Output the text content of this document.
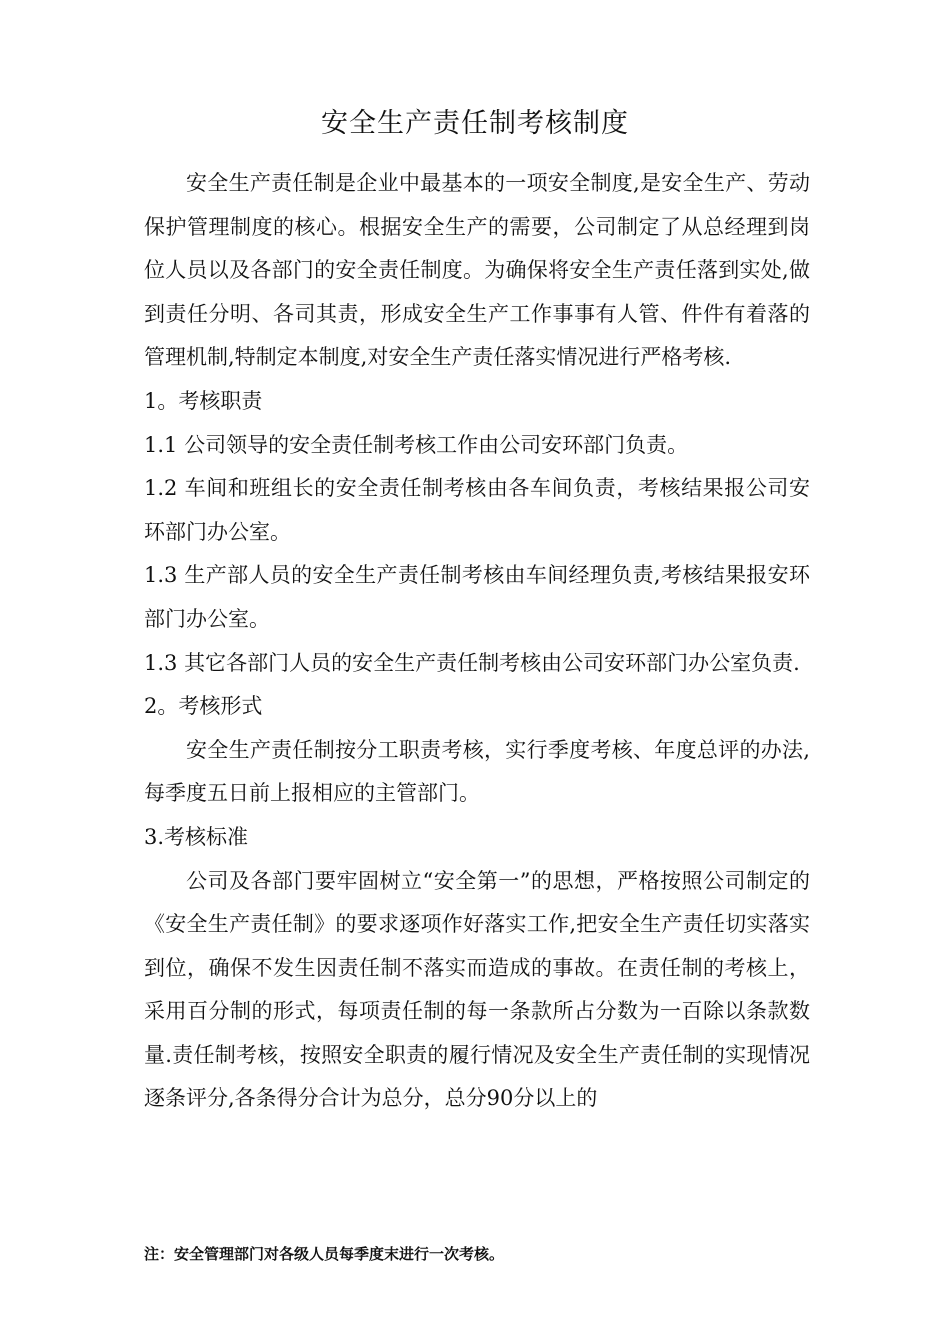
安全生产责任制考核制度

安全生产责任制是企业中最基本的一项安全制度,是安全生产、劳动保护管理制度的核心。根据安全生产的需要，公司制定了从总经理到岗位人员以及各部门的安全责任制度。为确保将安全生产责任落到实处,做到责任分明、各司其责，形成安全生产工作事事有人管、件件有着落的管理机制,特制定本制度,对安全生产责任落实情况进行严格考核.

1。考核职责

1.1 公司领导的安全责任制考核工作由公司安环部门负责。

1.2 车间和班组长的安全责任制考核由各车间负责，考核结果报公司安环部门办公室。

1.3 生产部人员的安全生产责任制考核由车间经理负责,考核结果报安环部门办公室。

1.3 其它各部门人员的安全生产责任制考核由公司安环部门办公室负责.

2。考核形式

安全生产责任制按分工职责考核，实行季度考核、年度总评的办法,每季度五日前上报相应的主管部门。

3.考核标准

公司及各部门要牢固树立“安全第一”的思想，严格按照公司制定的《安全生产责任制》的要求逐项作好落实工作,把安全生产责任切实落实到位，确保不发生因责任制不落实而造成的事故。在责任制的考核上，采用百分制的形式，每项责任制的每一条款所占分数为一百除以条款数量.责任制考核，按照安全职责的履行情况及安全生产责任制的实现情况逐条评分,各条得分合计为总分，总分90分以上的

注：安全管理部门对各级人员每季度末进行一次考核。
